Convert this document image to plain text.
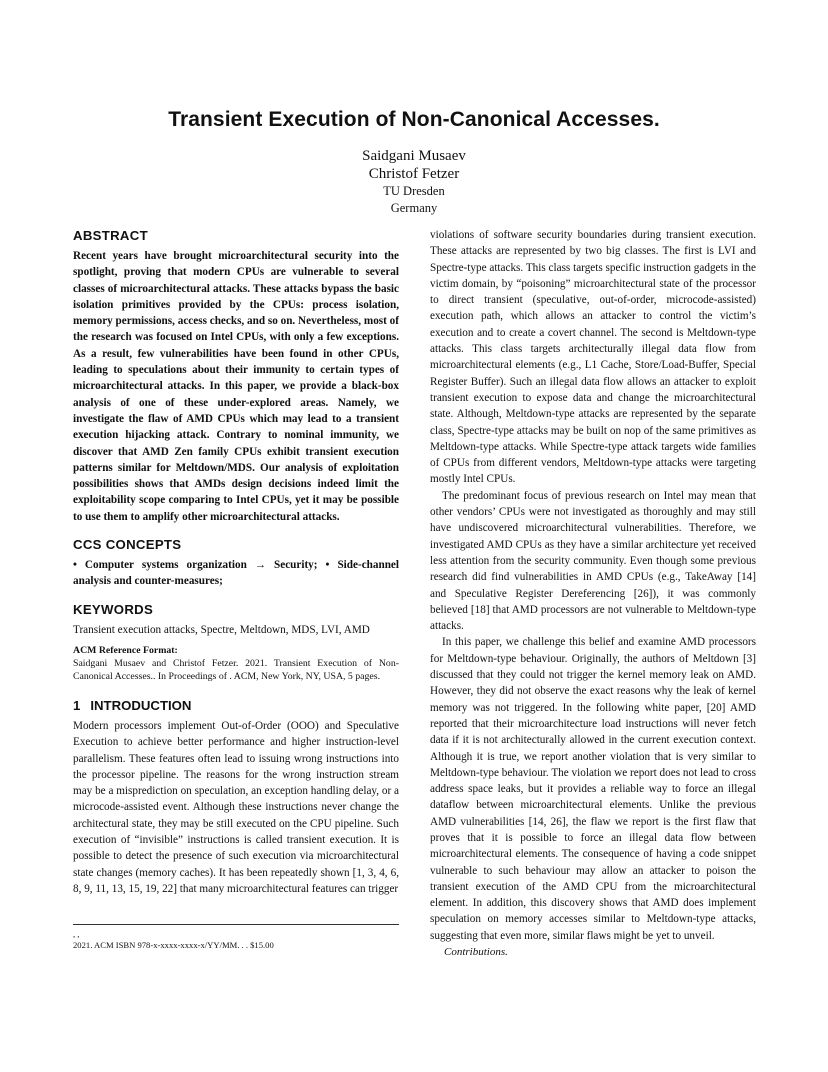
Transient Execution of Non-Canonical Accesses.
Saidgani Musaev
Christof Fetzer
TU Dresden
Germany
ABSTRACT

Recent years have brought microarchitectural security into the spotlight, proving that modern CPUs are vulnerable to several classes of microarchitectural attacks. These attacks bypass the basic isolation primitives provided by the CPUs: process isolation, memory permissions, access checks, and so on. Nevertheless, most of the research was focused on Intel CPUs, with only a few exceptions. As a result, few vulnerabilities have been found in other CPUs, leading to speculations about their immunity to certain types of microarchitectural attacks. In this paper, we provide a black-box analysis of one of these under-explored areas. Namely, we investigate the flaw of AMD CPUs which may lead to a transient execution hijacking attack. Contrary to nominal immunity, we discover that AMD Zen family CPUs exhibit transient execution patterns similar for Meltdown/MDS. Our analysis of exploitation possibilities shows that AMDs design decisions indeed limit the exploitability scope comparing to Intel CPUs, yet it may be possible to use them to amplify other microarchitectural attacks.

CCS CONCEPTS

• Computer systems organization → Security; • Side-channel analysis and counter-measures;

KEYWORDS

Transient execution attacks, Spectre, Meltdown, MDS, LVI, AMD

ACM Reference Format:

Saidgani Musaev and Christof Fetzer. 2021. Transient Execution of Non-Canonical Accesses.. In Proceedings of . ACM, New York, NY, USA, 5 pages.

1 INTRODUCTION

Modern processors implement Out-of-Order (OOO) and Speculative Execution to achieve better performance and higher instruction-level parallelism. These features often lead to issuing wrong instructions into the processor pipeline. The reasons for the wrong instruction stream may be a misprediction on speculation, an exception handling delay, or a microcode-assisted event. Although these instructions never change the architectural state, they may be still executed on the CPU pipeline. Such execution of “invisible” instructions is called transient execution. It is possible to detect the presence of such execution via microarchitectural state changes (memory caches). It has been repeatedly shown [1, 3, 4, 6, 8, 9, 11, 13, 15, 19, 22] that many microarchitectural features can trigger

violations of software security boundaries during transient execution. These attacks are represented by two big classes. The first is LVI and Spectre-type attacks. This class targets specific instruction gadgets in the victim domain, by “poisoning” microarchitectural state of the processor to direct transient (speculative, out-of-order, microcode-assisted) execution path, which allows an attacker to control the victim’s execution and to create a covert channel. The second is Meltdown-type attacks. This class targets architecturally illegal data flow from microarchitectural elements (e.g., L1 Cache, Store/Load-Buffer, Special Register Buffer). Such an illegal data flow allows an attacker to exploit transient execution to expose data and change the microarchitectural state. Although, Meltdown-type attacks are represented by the separate class, Spectre-type attacks may be built on nop of the same primitives as Meltdown-type attacks. While Spectre-type attack targets wide families of CPUs from different vendors, Meltdown-type attacks were targeting mostly Intel CPUs.

The predominant focus of previous research on Intel may mean that other vendors’ CPUs were not investigated as thoroughly and may still have undiscovered microarchitectural vulnerabilities. Therefore, we investigated AMD CPUs as they have a similar architecture yet received less attention from the security community. Even though some previous research did find vulnerabilities in AMD CPUs (e.g., TakeAway [14] and Speculative Register Dereferencing [26]), it was commonly believed [18] that AMD processors are not vulnerable to Meltdown-type attacks.

In this paper, we challenge this belief and examine AMD processors for Meltdown-type behaviour. Originally, the authors of Meltdown [3] discussed that they could not trigger the kernel memory leak on AMD. However, they did not observe the exact reasons why the leak of kernel memory was not triggered. In the following white paper, [20] AMD reported that their microarchitecture load instructions will never fetch data if it is not architecturally allowed in the current execution context. Although it is true, we report another violation that is very similar to Meltdown-type behaviour. The violation we report does not lead to cross address space leaks, but it provides a reliable way to force an illegal dataflow between microarchitectural elements. Unlike the previous AMD vulnerabilities [14, 26], the flaw we report is the first flaw that proves that it is possible to force an illegal data flow between microarchitectural elements. The consequence of having a code snippet vulnerable to such behaviour may allow an attacker to poison the transient execution of the AMD CPU from the microarchitectural element. In addition, this discovery shows that AMD does implement speculation on memory accesses similar to Meltdown-type attacks, suggesting that even more, similar flaws might be yet to unveil.

, ,
2021. ACM ISBN 978-x-xxxx-xxxx-x/YY/MM. . . $15.00
Contributions.
